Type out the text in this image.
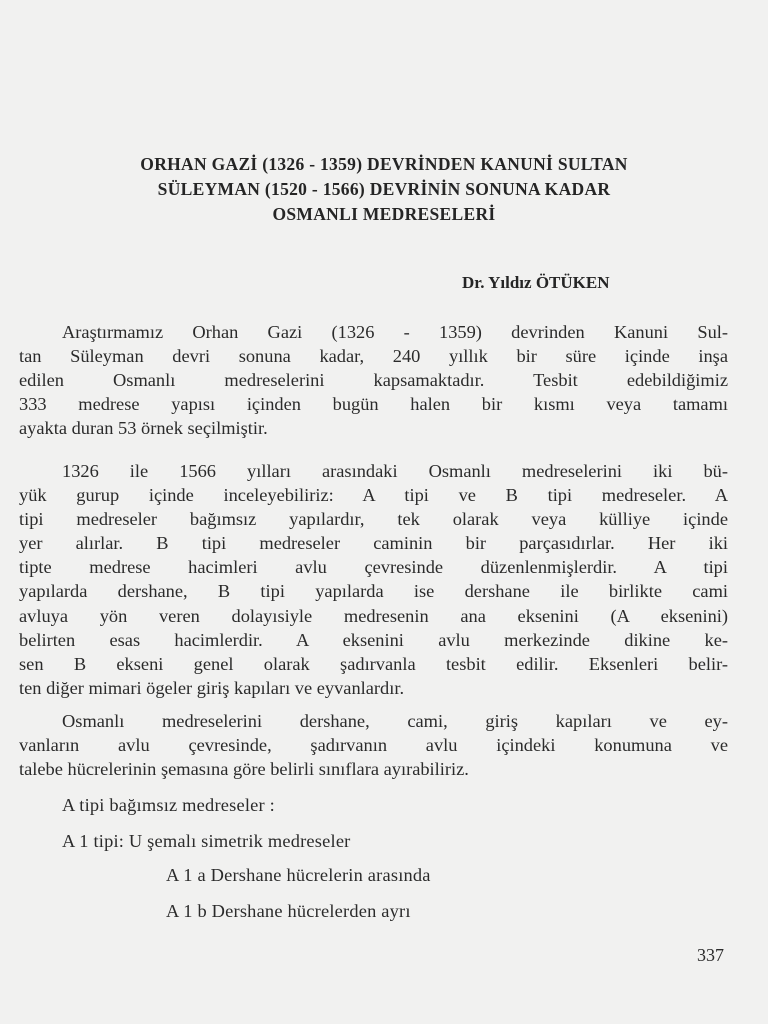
ORHAN GAZİ (1326 - 1359) DEVRİNDEN KANUNİ SULTAN
SÜLEYMAN (1520 - 1566) DEVRİNİN SONUNA KADAR
OSMANLI MEDRESELERİ
Dr. Yıldız ÖTÜKEN
Araştırmamız Orhan Gazi (1326 - 1359) devrinden Kanuni Sul-
tan Süleyman devri sonuna kadar, 240 yıllık bir süre içinde inşa
edilen Osmanlı medreselerini kapsamaktadır. Tesbit edebildiğimiz
333 medrese yapısı içinden bugün halen bir kısmı veya tamamı
ayakta duran 53 örnek seçilmiştir.
1326 ile 1566 yılları arasındaki Osmanlı medreselerini iki bü-
yük gurup içinde inceleyebiliriz: A tipi ve B tipi medreseler. A
tipi medreseler bağımsız yapılardır, tek olarak veya külliye içinde
yer alırlar. B tipi medreseler caminin bir parçasıdırlar. Her iki
tipte medrese hacimleri avlu çevresinde düzenlenmişlerdir. A tipi
yapılarda dershane, B tipi yapılarda ise dershane ile birlikte cami
avluya yön veren dolayısiyle medresenin ana eksenini (A eksenini)
belirten esas hacimlerdir. A eksenini avlu merkezinde dikine ke-
sen B ekseni genel olarak şadırvanla tesbit edilir. Eksenleri belir-
ten diğer mimari ögeler giriş kapıları ve eyvanlardır.
Osmanlı medreselerini dershane, cami, giriş kapıları ve ey-
vanların avlu çevresinde, şadırvanın avlu içindeki konumuna ve
talebe hücrelerinin şemasına göre belirli sınıflara ayırabiliriz.
A tipi bağımsız medreseler :
A 1 tipi: U şemalı simetrik medreseler
A 1 a Dershane hücrelerin arasında
A 1 b Dershane hücrelerden ayrı
337
